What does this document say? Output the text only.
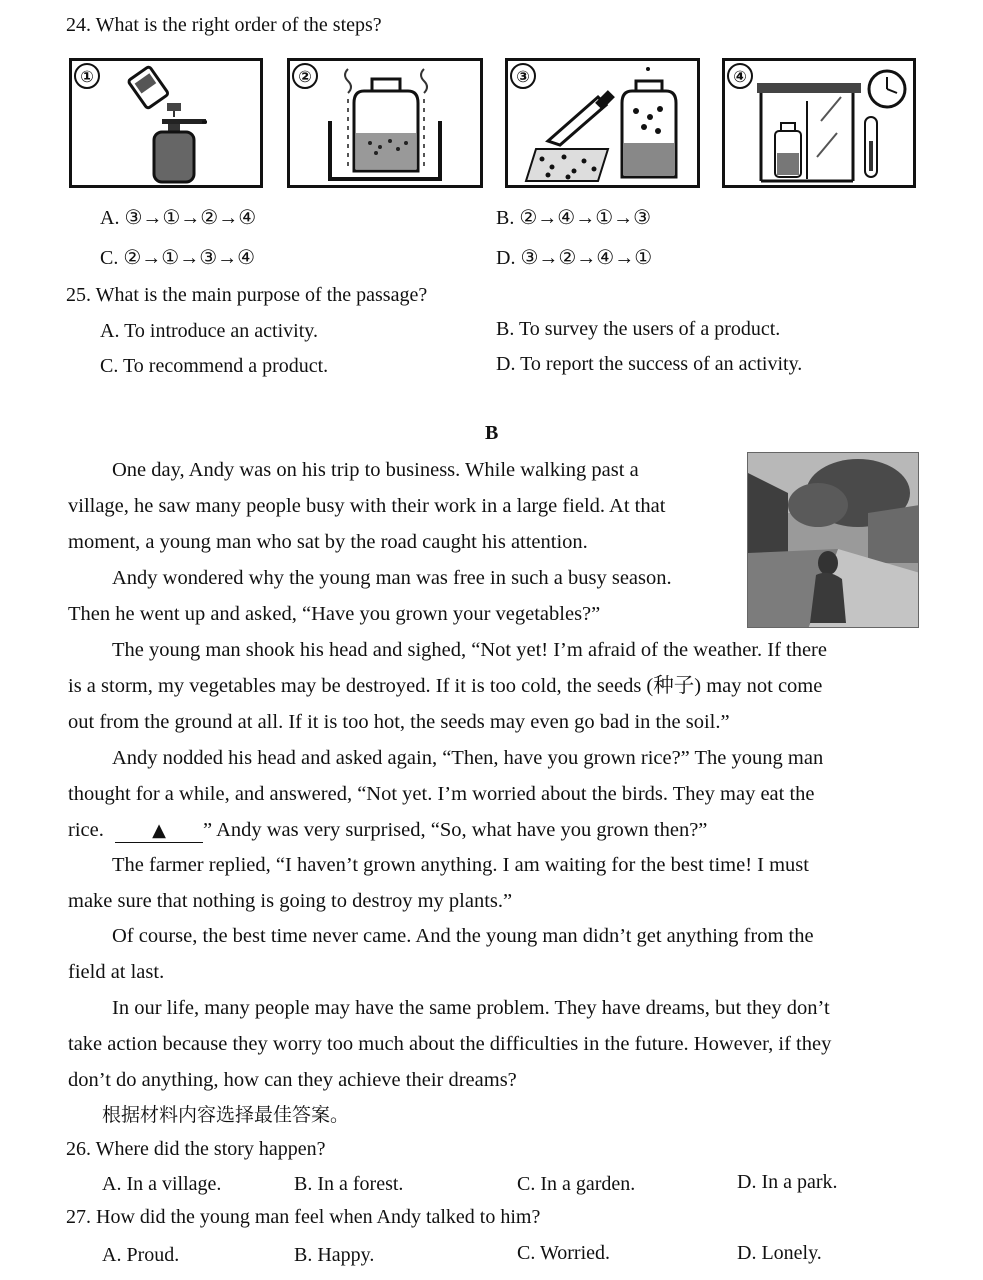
24. What is the right order of the steps?
①	②	③	④
A. ③→①→②→④	B. ②→④→①→③
C. ②→①→③→④	D. ③→②→④→①
25. What is the main purpose of the passage?
A. To introduce an activity.	B. To survey the users of a product.
C. To recommend a product.	D. To report the success of an activity.
B
One day, Andy was on his trip to business. While walking past a
village, he saw many people busy with their work in a large field. At that
moment, a young man who sat by the road caught his attention.
Andy wondered why the young man was free in such a busy season.
Then he went up and asked, “Have you grown your vegetables?”
The young man shook his head and sighed, “Not yet! I’m afraid of the weather. If there
is a storm, my vegetables may be destroyed. If it is too cold, the seeds (种子) may not come
out from the ground at all. If it is too hot, the seeds may even go bad in the soil.”
Andy nodded his head and asked again, “Then, have you grown rice?” The young man
thought for a while, and answered, “Not yet. I’m worried about the birds. They may eat the
rice.	▲ ” Andy was very surprised, “So, what have you grown then?”
The farmer replied, “I haven’t grown anything. I am waiting for the best time! I must
make sure that nothing is going to destroy my plants.”
Of course, the best time never came. And the young man didn’t get anything from the
field at last.
In our life, many people may have the same problem. They have dreams, but they don’t
take action because they worry too much about the difficulties in the future. However, if they
don’t do anything, how can they achieve their dreams?
根据材料内容选择最佳答案。
26. Where did the story happen?
A. In a village.	B. In a forest.	C. In a garden.	D. In a park.
27. How did the young man feel when Andy talked to him?
A. Proud.	B. Happy.	C. Worried.	D. Lonely.
